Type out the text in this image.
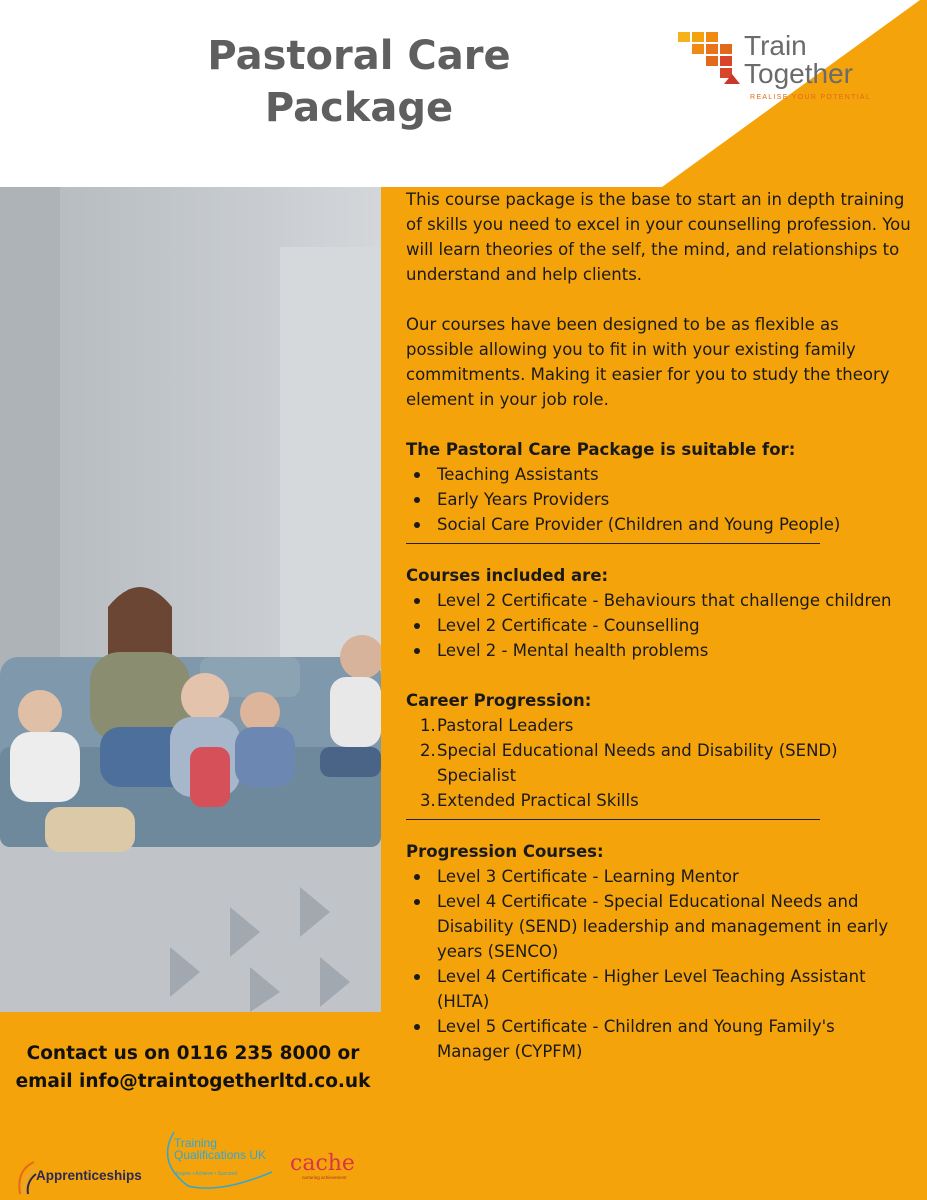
Pastoral Care Package
Train
Together
REALISE YOUR POTENTIAL

This course package is the base to start an in depth training of skills you need to excel in your counselling profession. You will learn theories of the self, the mind, and relationships to understand and help clients.

Our courses have been designed to be as flexible as possible allowing you to fit in with your existing family commitments. Making it easier for you to study the theory element in your job role.

The Pastoral Care Package is suitable for:

Teaching Assistants
Early Years Providers
Social Care Provider (Children and Young People)

Courses included are:

Level 2 Certificate - Behaviours that challenge children
Level 2 Certificate - Counselling
Level 2 - Mental health problems

Career Progression:

1. Pastoral Leaders
2. Special Educational Needs and Disability (SEND) Specialist
3. Extended Practical Skills

Progression Courses:

Level 3 Certificate - Learning Mentor
Level 4 Certificate - Special Educational Needs and Disability (SEND) leadership and management in early years (SENCO)
Level 4 Certificate - Higher Level Teaching Assistant (HLTA)
Level 5 Certificate - Children and Young Family's Manager (CYPFM)
Contact us on 0116 235 8000 or
email info@traintogetherltd.co.uk
Apprenticeships
Training
Qualifications UK
Inspire • Achieve • Succeed cache
nurturing achievement
